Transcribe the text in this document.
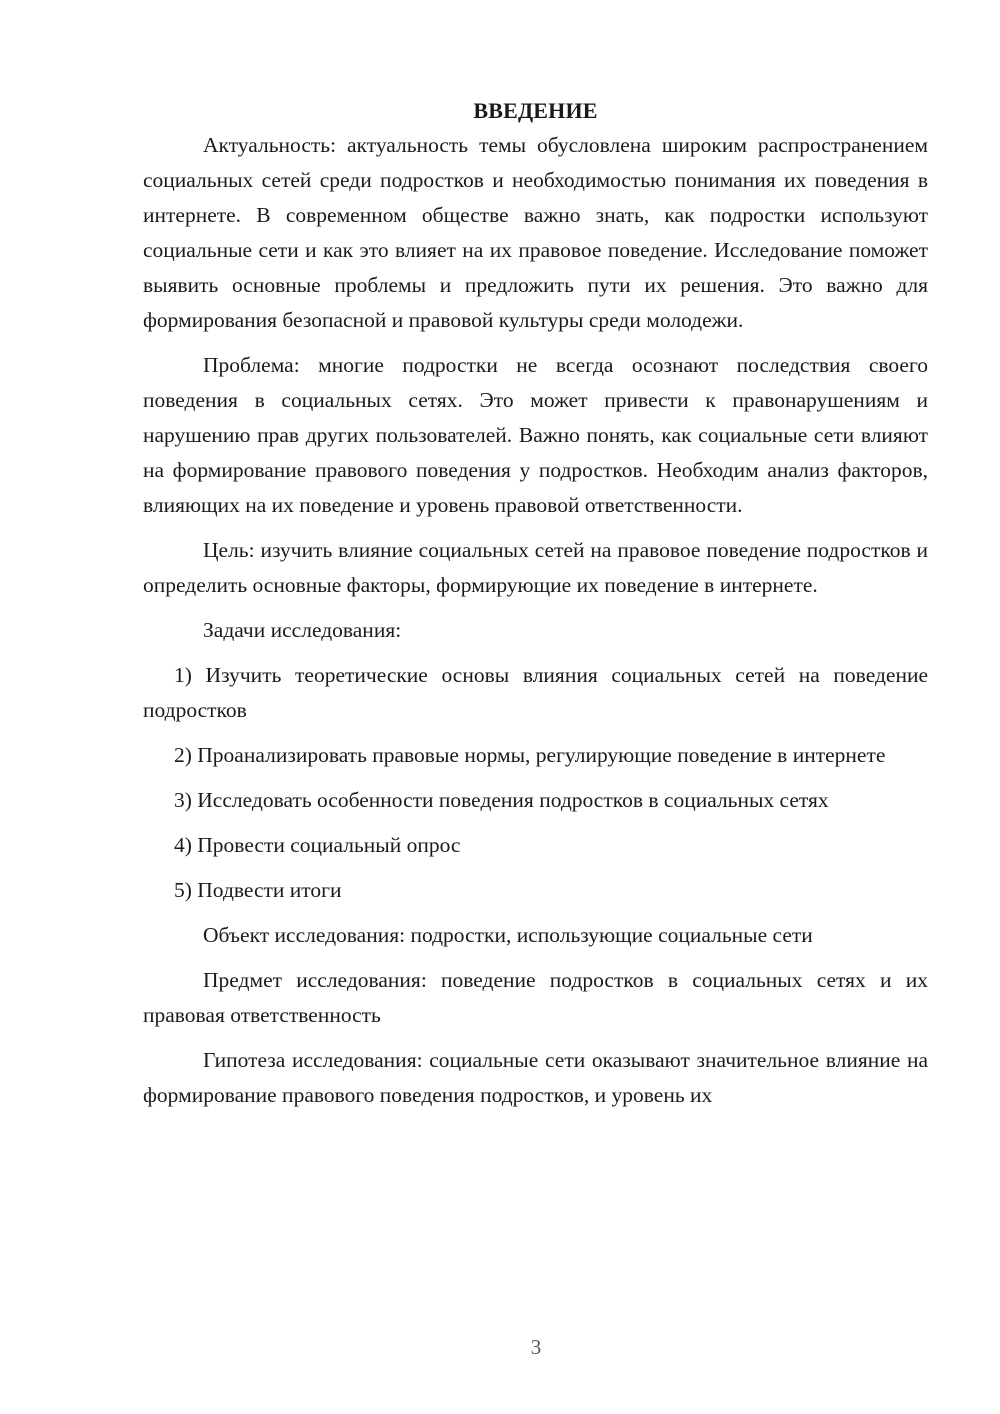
ВВЕДЕНИЕ

Актуальность: актуальность темы обусловлена широким распространением социальных сетей среди подростков и необходимостью понимания их поведения в интернете. В современном обществе важно знать, как подростки используют социальные сети и как это влияет на их правовое поведение. Исследование поможет выявить основные проблемы и предложить пути их решения. Это важно для формирования безопасной и правовой культуры среди молодежи.

Проблема: многие подростки не всегда осознают последствия своего поведения в социальных сетях. Это может привести к правонарушениям и нарушению прав других пользователей. Важно понять, как социальные сети влияют на формирование правового поведения у подростков. Необходим анализ факторов, влияющих на их поведение и уровень правовой ответственности.

Цель: изучить влияние социальных сетей на правовое поведение подростков и определить основные факторы, формирующие их поведение в интернете.

Задачи исследования:

1) Изучить теоретические основы влияния социальных сетей на поведение подростков

2) Проанализировать правовые нормы, регулирующие поведение в интернете

3) Исследовать особенности поведения подростков в социальных сетях

4) Провести социальный опрос

5) Подвести итоги

Объект исследования: подростки, использующие социальные сети

Предмет исследования: поведение подростков в социальных сетях и их правовая ответственность

Гипотеза исследования: социальные сети оказывают значительное влияние на формирование правового поведения подростков, и уровень их

3
